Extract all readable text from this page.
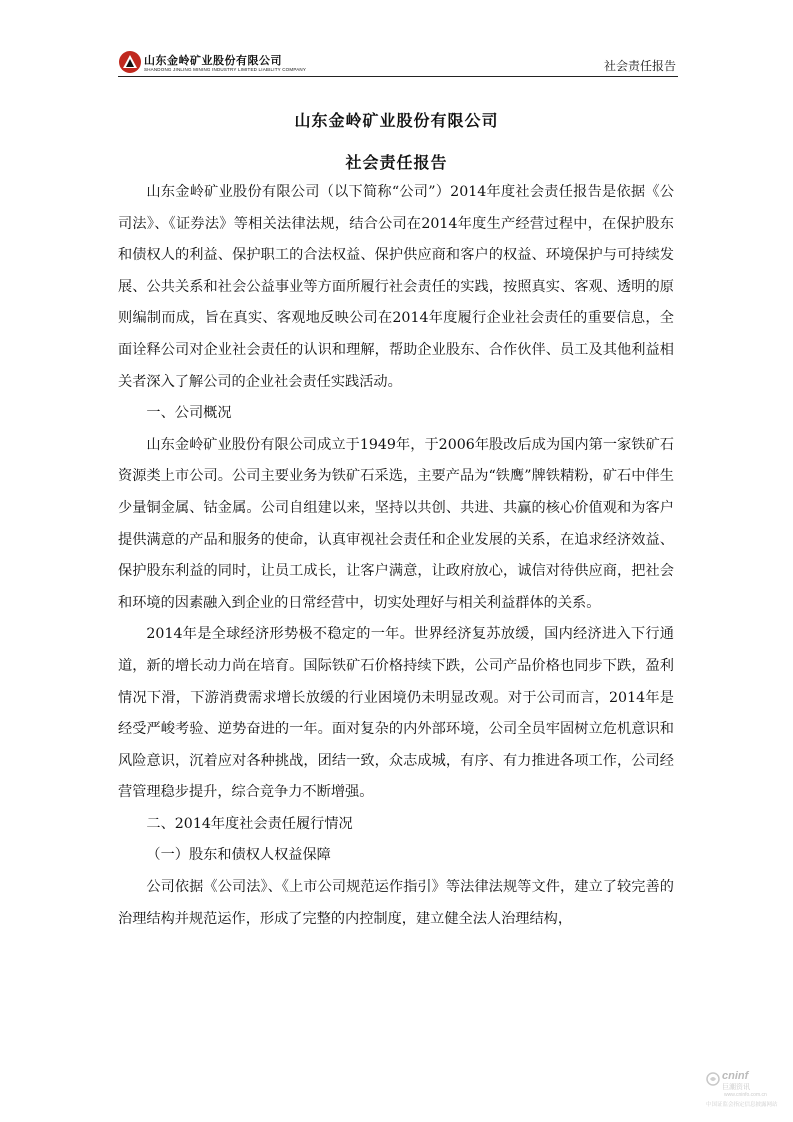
山东金岭矿业股份有限公司
SHANDONG JINLING MINING INDUSTRY LIMITED LIABILITY COMPANY	社会责任报告
山东金岭矿业股份有限公司
社会责任报告

山东金岭矿业股份有限公司（以下简称“公司”）2014年度社会责任报告是依据《公司法》、《证券法》等相关法律法规，结合公司在2014年度生产经营过程中，在保护股东和债权人的利益、保护职工的合法权益、保护供应商和客户的权益、环境保护与可持续发展、公共关系和社会公益事业等方面所履行社会责任的实践，按照真实、客观、透明的原则编制而成，旨在真实、客观地反映公司在2014年度履行企业社会责任的重要信息，全面诠释公司对企业社会责任的认识和理解，帮助企业股东、合作伙伴、员工及其他利益相关者深入了解公司的企业社会责任实践活动。

一、公司概况

山东金岭矿业股份有限公司成立于1949年，于2006年股改后成为国内第一家铁矿石资源类上市公司。公司主要业务为铁矿石采选，主要产品为“铁鹰”牌铁精粉，矿石中伴生少量铜金属、钴金属。公司自组建以来，坚持以共创、共进、共赢的核心价值观和为客户提供满意的产品和服务的使命，认真审视社会责任和企业发展的关系，在追求经济效益、保护股东利益的同时，让员工成长，让客户满意，让政府放心，诚信对待供应商，把社会和环境的因素融入到企业的日常经营中，切实处理好与相关利益群体的关系。

2014年是全球经济形势极不稳定的一年。世界经济复苏放缓，国内经济进入下行通道，新的增长动力尚在培育。国际铁矿石价格持续下跌，公司产品价格也同步下跌，盈利情况下滑，下游消费需求增长放缓的行业困境仍未明显改观。对于公司而言，2014年是经受严峻考验、逆势奋进的一年。面对复杂的内外部环境，公司全员牢固树立危机意识和风险意识，沉着应对各种挑战，团结一致，众志成城，有序、有力推进各项工作，公司经营管理稳步提升，综合竞争力不断增强。

二、2014年度社会责任履行情况

（一）股东和债权人权益保障

公司依据《公司法》、《上市公司规范运作指引》等法律法规等文件，建立了较完善的治理结构并规范运作，形成了完整的内控制度，建立健全法人治理结构，

cninf
巨潮资讯
www.cninfo.com.cn
中国证监会指定信息披露网站
